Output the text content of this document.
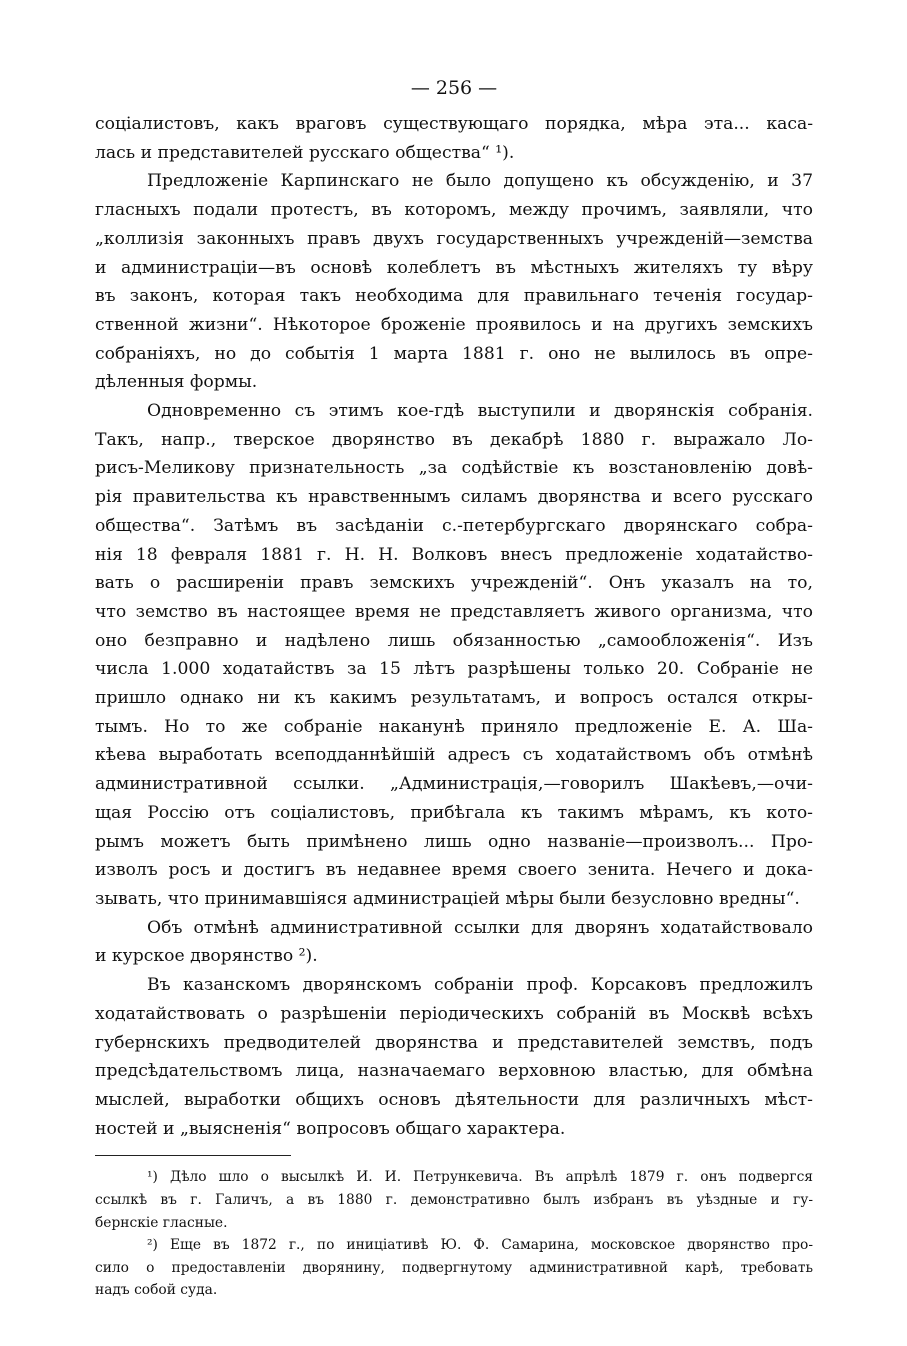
— 256 —

соціалистовъ, какъ враговъ существующаго порядка, мѣра эта... каса-
лась и представителей русскаго общества“ ¹).

Предложеніе Карпинскаго не было допущено къ обсужденію, и 37
гласныхъ подали протестъ, въ которомъ, между прочимъ, заявляли, что
„коллизія законныхъ правъ двухъ государственныхъ учрежденій—земства
и администраціи—въ основѣ колеблетъ въ мѣстныхъ жителяхъ ту вѣру
въ законъ, которая такъ необходима для правильнаго теченія государ-
ственной жизни“. Нѣкоторое броженіе проявилось и на другихъ земскихъ
собраніяхъ, но до событія 1 марта 1881 г. оно не вылилось въ опре-
дѣленныя формы.

Одновременно съ этимъ кое-гдѣ выступили и дворянскія собранія.
Такъ, напр., тверское дворянство въ декабрѣ 1880 г. выражало Ло-
рисъ-Меликову признательность „за содѣйствіе къ возстановленію довѣ-
рія правительства къ нравственнымъ силамъ дворянства и всего русскаго
общества“. Затѣмъ въ засѣданіи с.-петербургскаго дворянскаго собра-
нія 18 февраля 1881 г. Н. Н. Волковъ внесъ предложеніе ходатайство-
вать о расширеніи правъ земскихъ учрежденій“. Онъ указалъ на то,
что земство въ настоящее время не представляетъ живого организма, что
оно безправно и надѣлено лишь обязанностью „самообложенія“. Изъ
числа 1.000 ходатайствъ за 15 лѣтъ разрѣшены только 20. Собраніе не
пришло однако ни къ какимъ результатамъ, и вопросъ остался откры-
тымъ. Но то же собраніе наканунѣ приняло предложеніе Е. А. Ша-
кѣева выработать всеподданнѣйшій адресъ съ ходатайствомъ объ отмѣнѣ
административной ссылки. „Администрація,—говорилъ Шакѣевъ,—очи-
щая Россію отъ соціалистовъ, прибѣгала къ такимъ мѣрамъ, къ кото-
рымъ можетъ быть примѣнено лишь одно названіе—произволъ... Про-
изволъ росъ и достигъ въ недавнее время своего зенита. Нечего и дока-
зывать, что принимавшіяся администраціей мѣры были безусловно вредны“.

Объ отмѣнѣ административной ссылки для дворянъ ходатайствовало
и курское дворянство ²).

Въ казанскомъ дворянскомъ собраніи проф. Корсаковъ предложилъ
ходатайствовать о разрѣшеніи періодическихъ собраній въ Москвѣ всѣхъ
губернскихъ предводителей дворянства и представителей земствъ, подъ
предсѣдательствомъ лица, назначаемаго верховною властью, для обмѣна
мыслей, выработки общихъ основъ дѣятельности для различныхъ мѣст-
ностей и „выясненія“ вопросовъ общаго характера.

¹) Дѣло шло о высылкѣ И. И. Петрункевича. Въ апрѣлѣ 1879 г. онъ подвергся
ссылкѣ въ г. Галичъ, а въ 1880 г. демонстративно былъ избранъ въ уѣздные и гу-
бернскіе гласные.
²) Еще въ 1872 г., по иниціативѣ Ю. Ф. Самарина, московское дворянство про-
сило о предоставленіи дворянину, подвергнутому административной карѣ, требовать
надъ собой суда.
